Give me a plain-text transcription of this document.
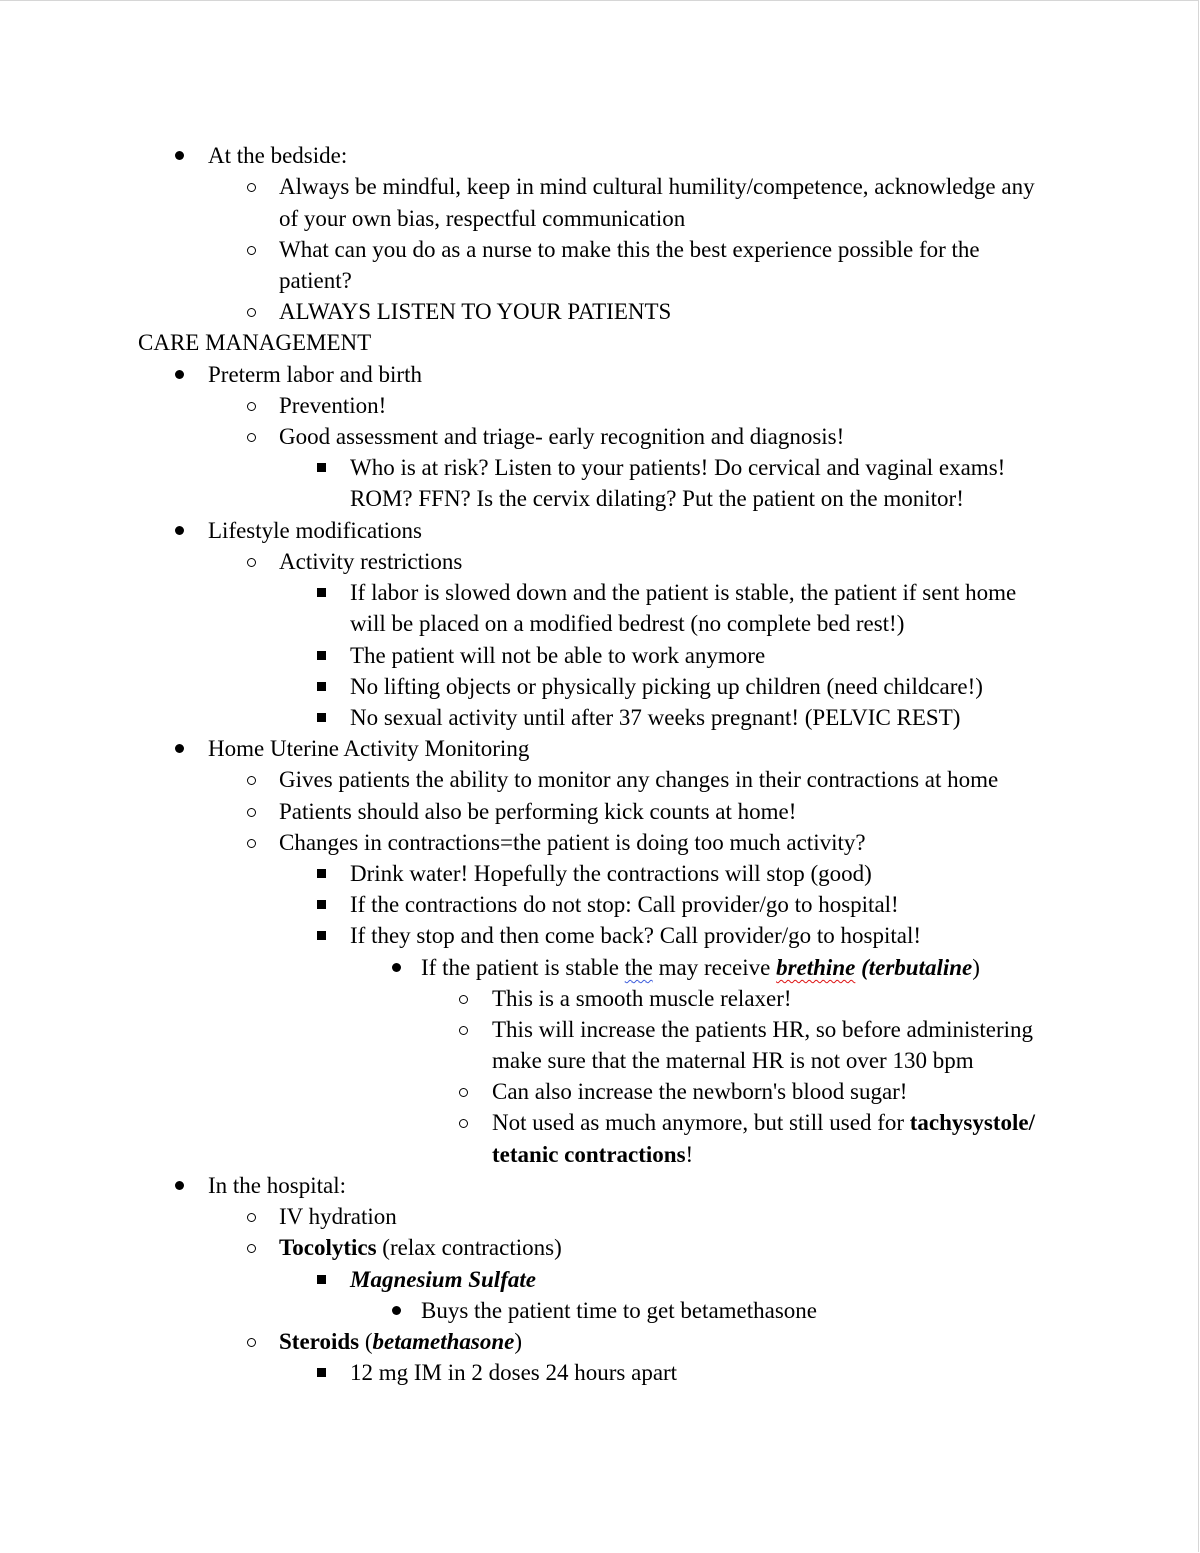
At the bedside:
Always be mindful, keep in mind cultural humility/competence, acknowledge any
of your own bias, respectful communication
What can you do as a nurse to make this the best experience possible for the
patient?
ALWAYS LISTEN TO YOUR PATIENTS
CARE MANAGEMENT
Preterm labor and birth
Prevention!
Good assessment and triage- early recognition and diagnosis!
Who is at risk? Listen to your patients! Do cervical and vaginal exams!
ROM? FFN? Is the cervix dilating? Put the patient on the monitor!
Lifestyle modifications
Activity restrictions
If labor is slowed down and the patient is stable, the patient if sent home
will be placed on a modified bedrest (no complete bed rest!)
The patient will not be able to work anymore
No lifting objects or physically picking up children (need childcare!)
No sexual activity until after 37 weeks pregnant! (PELVIC REST)
Home Uterine Activity Monitoring
Gives patients the ability to monitor any changes in their contractions at home
Patients should also be performing kick counts at home!
Changes in contractions=the patient is doing too much activity?
Drink water! Hopefully the contractions will stop (good)
If the contractions do not stop: Call provider/go to hospital!
If they stop and then come back? Call provider/go to hospital!
If the patient is stable the may receive brethine (terbutaline)
This is a smooth muscle relaxer!
This will increase the patients HR, so before administering
make sure that the maternal HR is not over 130 bpm
Can also increase the newborn's blood sugar!
Not used as much anymore, but still used for tachysystole/
tetanic contractions!
In the hospital:
IV hydration
Tocolytics (relax contractions)
Magnesium Sulfate
Buys the patient time to get betamethasone
Steroids (betamethasone)
12 mg IM in 2 doses 24 hours apart
